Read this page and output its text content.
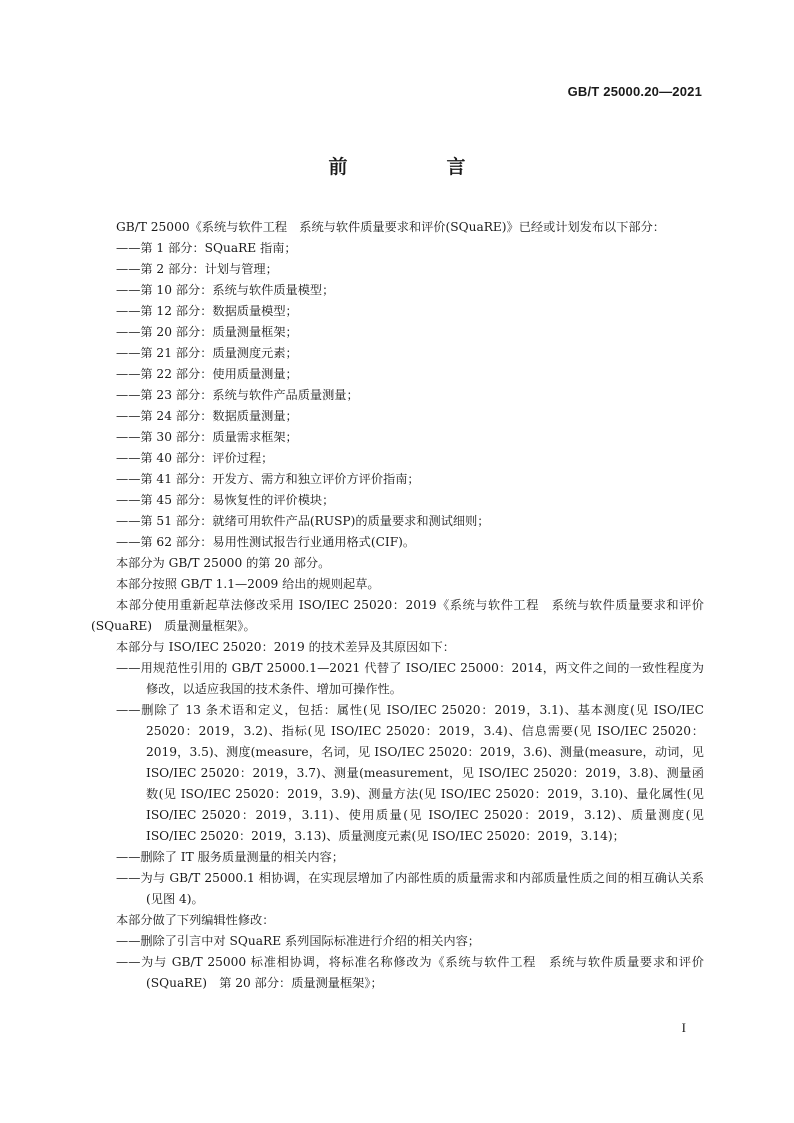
GB/T 25000.20—2021
前　言

GB/T 25000《系统与软件工程　系统与软件质量要求和评价(SQuaRE)》已经或计划发布以下部分：

——第 1 部分：SQuaRE 指南；

——第 2 部分：计划与管理；

——第 10 部分：系统与软件质量模型；

——第 12 部分：数据质量模型；

——第 20 部分：质量测量框架；

——第 21 部分：质量测度元素；

——第 22 部分：使用质量测量；

——第 23 部分：系统与软件产品质量测量；

——第 24 部分：数据质量测量；

——第 30 部分：质量需求框架；

——第 40 部分：评价过程；

——第 41 部分：开发方、需方和独立评价方评价指南；

——第 45 部分：易恢复性的评价模块；

——第 51 部分：就绪可用软件产品(RUSP)的质量要求和测试细则；

——第 62 部分：易用性测试报告行业通用格式(CIF)。

本部分为 GB/T 25000 的第 20 部分。

本部分按照 GB/T 1.1—2009 给出的规则起草。

本部分使用重新起草法修改采用 ISO/IEC 25020：2019《系统与软件工程　系统与软件质量要求和评价(SQuaRE)　质量测量框架》。

本部分与 ISO/IEC 25020：2019 的技术差异及其原因如下：

——用规范性引用的 GB/T 25000.1—2021 代替了 ISO/IEC 25000：2014，两文件之间的一致性程度为修改，以适应我国的技术条件、增加可操作性。

——删除了 13 条术语和定义，包括：属性(见 ISO/IEC 25020：2019，3.1)、基本测度(见 ISO/IEC 25020：2019，3.2)、指标(见 ISO/IEC 25020：2019，3.4)、信息需要(见 ISO/IEC 25020：2019，3.5)、测度(measure，名词，见 ISO/IEC 25020：2019，3.6)、测量(measure，动词，见 ISO/IEC 25020：2019，3.7)、测量(measurement，见 ISO/IEC 25020：2019，3.8)、测量函数(见 ISO/IEC 25020：2019，3.9)、测量方法(见 ISO/IEC 25020：2019，3.10)、量化属性(见 ISO/IEC 25020：2019，3.11)、使用质量(见 ISO/IEC 25020：2019，3.12)、质量测度(见 ISO/IEC 25020：2019，3.13)、质量测度元素(见 ISO/IEC 25020：2019，3.14)；

——删除了 IT 服务质量测量的相关内容；

——为与 GB/T 25000.1 相协调，在实现层增加了内部性质的质量需求和内部质量性质之间的相互确认关系(见图 4)。

本部分做了下列编辑性修改：

——删除了引言中对 SQuaRE 系列国际标准进行介绍的相关内容；

——为与 GB/T 25000 标准相协调，将标准名称修改为《系统与软件工程　系统与软件质量要求和评价(SQuaRE)　第 20 部分：质量测量框架》；

I
